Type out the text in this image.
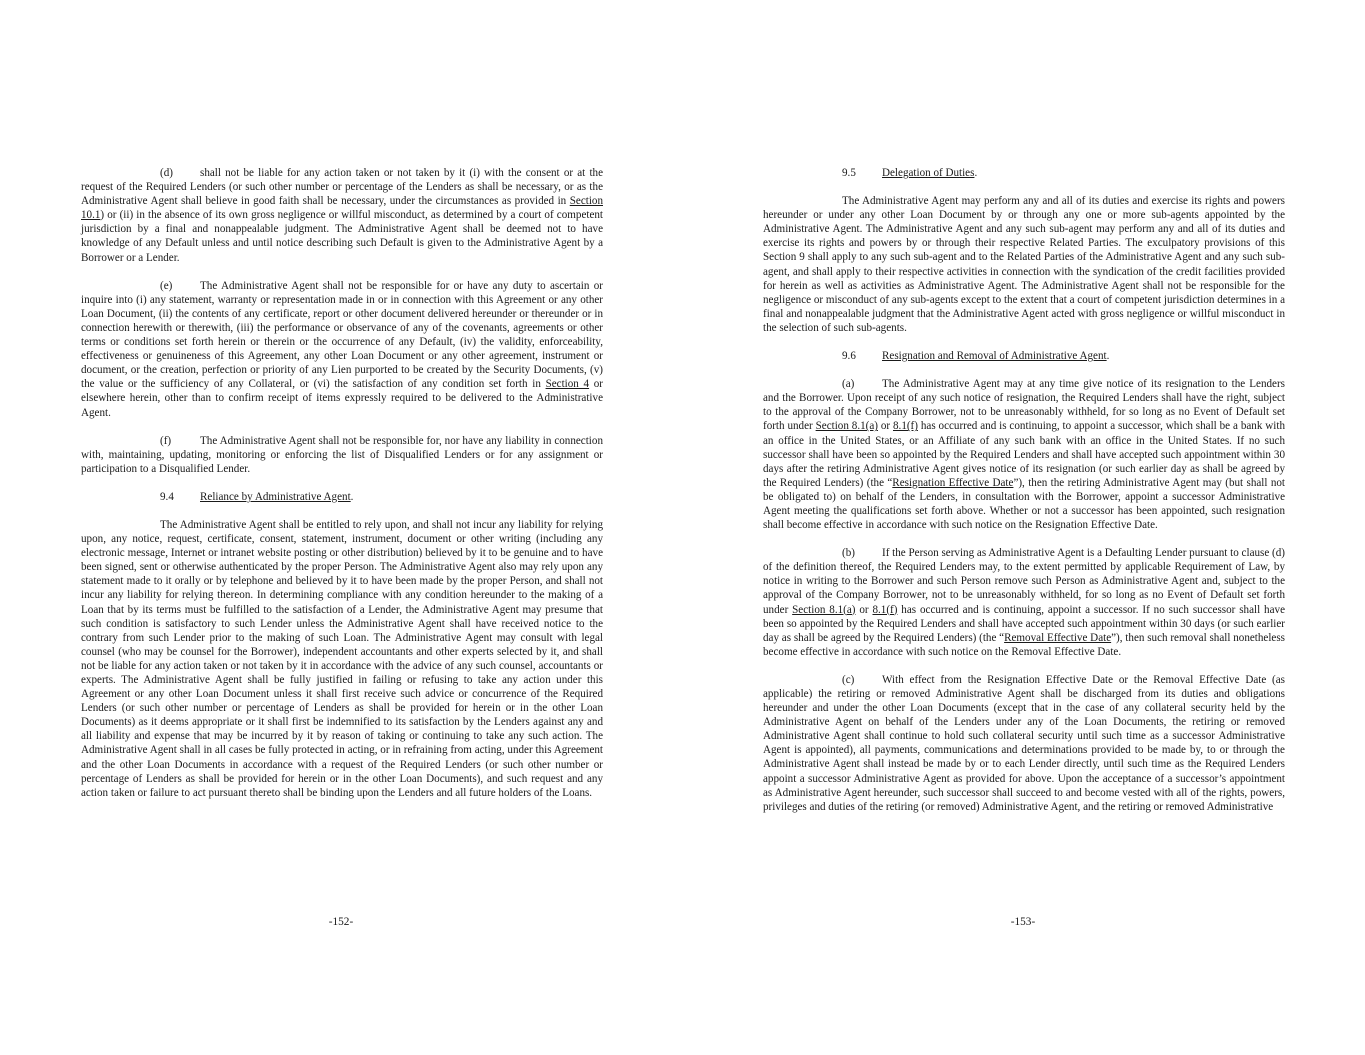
(d) shall not be liable for any action taken or not taken by it (i) with the consent or at the request of the Required Lenders (or such other number or percentage of the Lenders as shall be necessary, or as the Administrative Agent shall believe in good faith shall be necessary, under the circumstances as provided in Section 10.1) or (ii) in the absence of its own gross negligence or willful misconduct, as determined by a court of competent jurisdiction by a final and nonappealable judgment. The Administrative Agent shall be deemed not to have knowledge of any Default unless and until notice describing such Default is given to the Administrative Agent by a Borrower or a Lender.

(e) The Administrative Agent shall not be responsible for or have any duty to ascertain or inquire into (i) any statement, warranty or representation made in or in connection with this Agreement or any other Loan Document, (ii) the contents of any certificate, report or other document delivered hereunder or thereunder or in connection herewith or therewith, (iii) the performance or observance of any of the covenants, agreements or other terms or conditions set forth herein or therein or the occurrence of any Default, (iv) the validity, enforceability, effectiveness or genuineness of this Agreement, any other Loan Document or any other agreement, instrument or document, or the creation, perfection or priority of any Lien purported to be created by the Security Documents, (v) the value or the sufficiency of any Collateral, or (vi) the satisfaction of any condition set forth in Section 4 or elsewhere herein, other than to confirm receipt of items expressly required to be delivered to the Administrative Agent.

(f)	The Administrative Agent shall not be responsible for, nor have any liability in connection with, maintaining, updating, monitoring or enforcing the list of Disqualified Lenders or for any assignment or participation to a Disqualified Lender.

9.4 Reliance by Administrative Agent.

The Administrative Agent shall be entitled to rely upon, and shall not incur any liability for relying upon, any notice, request, certificate, consent, statement, instrument, document or other writing (including any electronic message, Internet or intranet website posting or other distribution) believed by it to be genuine and to have been signed, sent or otherwise authenticated by the proper Person. The Administrative Agent also may rely upon any statement made to it orally or by telephone and believed by it to have been made by the proper Person, and shall not incur any liability for relying thereon. In determining compliance with any condition hereunder to the making of a Loan that by its terms must be fulfilled to the satisfaction of a Lender, the Administrative Agent may presume that such condition is satisfactory to such Lender unless the Administrative Agent shall have received notice to the contrary from such Lender prior to the making of such Loan. The Administrative Agent may consult with legal counsel (who may be counsel for the Borrower), independent accountants and other experts selected by it, and shall not be liable for any action taken or not taken by it in accordance with the advice of any such counsel, accountants or experts. The Administrative Agent shall be fully justified in failing or refusing to take any action under this Agreement or any other Loan Document unless it shall first receive such advice or concurrence of the Required Lenders (or such other number or percentage of Lenders as shall be provided for herein or in the other Loan Documents) as it deems appropriate or it shall first be indemnified to its satisfaction by the Lenders against any and all liability and expense that may be incurred by it by reason of taking or continuing to take any such action. The Administrative Agent shall in all cases be fully protected in acting, or in refraining from acting, under this Agreement and the other Loan Documents in accordance with a request of the Required Lenders (or such other number or percentage of Lenders as shall be provided for herein or in the other Loan Documents), and such request and any action taken or failure to act pursuant thereto shall be binding upon the Lenders and all future holders of the Loans.

-152-
9.5 Delegation of Duties.

The Administrative Agent may perform any and all of its duties and exercise its rights and powers hereunder or under any other Loan Document by or through any one or more sub-agents appointed by the Administrative Agent. The Administrative Agent and any such sub-agent may perform any and all of its duties and exercise its rights and powers by or through their respective Related Parties. The exculpatory provisions of this Section 9 shall apply to any such sub-agent and to the Related Parties of the Administrative Agent and any such sub-agent, and shall apply to their respective activities in connection with the syndication of the credit facilities provided for herein as well as activities as Administrative Agent. The Administrative Agent shall not be responsible for the negligence or misconduct of any sub-agents except to the extent that a court of competent jurisdiction determines in a final and nonappealable judgment that the Administrative Agent acted with gross negligence or willful misconduct in the selection of such sub-agents.

9.6 Resignation and Removal of Administrative Agent.

(a) The Administrative Agent may at any time give notice of its resignation to the Lenders and the Borrower. Upon receipt of any such notice of resignation, the Required Lenders shall have the right, subject to the approval of the Company Borrower, not to be unreasonably withheld, for so long as no Event of Default set forth under Section 8.1(a) or 8.1(f) has occurred and is continuing, to appoint a successor, which shall be a bank with an office in the United States, or an Affiliate of any such bank with an office in the United States. If no such successor shall have been so appointed by the Required Lenders and shall have accepted such appointment within 30 days after the retiring Administrative Agent gives notice of its resignation (or such earlier day as shall be agreed by the Required Lenders) (the “Resignation Effective Date”), then the retiring Administrative Agent may (but shall not be obligated to) on behalf of the Lenders, in consultation with the Borrower, appoint a successor Administrative Agent meeting the qualifications set forth above. Whether or not a successor has been appointed, such resignation shall become effective in accordance with such notice on the Resignation Effective Date.

(b) If the Person serving as Administrative Agent is a Defaulting Lender pursuant to clause (d) of the definition thereof, the Required Lenders may, to the extent permitted by applicable Requirement of Law, by notice in writing to the Borrower and such Person remove such Person as Administrative Agent and, subject to the approval of the Company Borrower, not to be unreasonably withheld, for so long as no Event of Default set forth under Section 8.1(a) or 8.1(f) has occurred and is continuing, appoint a successor. If no such successor shall have been so appointed by the Required Lenders and shall have accepted such appointment within 30 days (or such earlier day as shall be agreed by the Required Lenders) (the “Removal Effective Date”), then such removal shall nonetheless become effective in accordance with such notice on the Removal Effective Date.

(c) With effect from the Resignation Effective Date or the Removal Effective Date (as applicable) the retiring or removed Administrative Agent shall be discharged from its duties and obligations hereunder and under the other Loan Documents (except that in the case of any collateral security held by the Administrative Agent on behalf of the Lenders under any of the Loan Documents, the retiring or removed Administrative Agent shall continue to hold such collateral security until such time as a successor Administrative Agent is appointed), all payments, communications and determinations provided to be made by, to or through the Administrative Agent shall instead be made by or to each Lender directly, until such time as the Required Lenders appoint a successor Administrative Agent as provided for above. Upon the acceptance of a successor’s appointment as Administrative Agent hereunder, such successor shall succeed to and become vested with all of the rights, powers, privileges and duties of the retiring (or removed) Administrative Agent, and the retiring or removed Administrative

-153-
